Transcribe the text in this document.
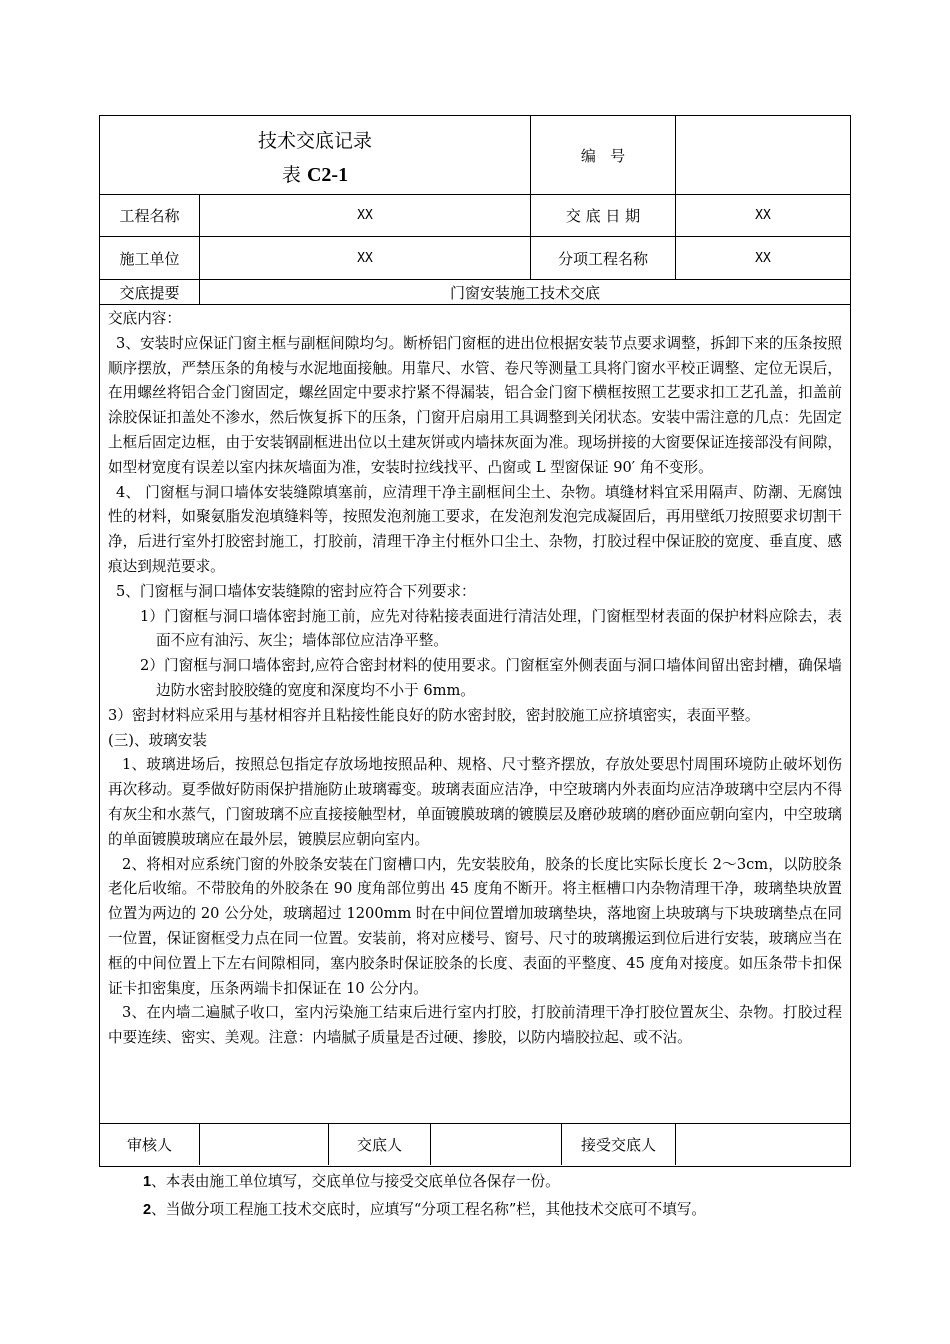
技术交底记录
表 C2-1
编   号
工程名称	XX	交 底 日 期	XX
施工单位	XX	分项工程名称	XX
交底提要	门窗安装施工技术交底

交底内容：

3、安装时应保证门窗主框与副框间隙均匀。断桥铝门窗框的进出位根据安装节点要求调整，拆卸下来的压条按照顺序摆放，严禁压条的角棱与水泥地面接触。用靠尺、水管、卷尺等测量工具将门窗水平校正调整、定位无误后，在用螺丝将铝合金门窗固定，螺丝固定中要求拧紧不得漏装，铝合金门窗下横框按照工艺要求扣工艺孔盖，扣盖前涂胶保证扣盖处不渗水，然后恢复拆下的压条，门窗开启扇用工具调整到关闭状态。安装中需注意的几点：先固定上框后固定边框，由于安装钢副框进出位以土建灰饼或内墙抹灰面为准。现场拼接的大窗要保证连接部没有间隙，如型材宽度有误差以室内抹灰墙面为准，安装时拉线找平、凸窗或 L 型窗保证 90′ 角不变形。

4、 门窗框与洞口墙体安装缝隙填塞前，应清理干净主副框间尘土、杂物。填缝材料宜采用隔声、防潮、无腐蚀性的材料，如聚氨脂发泡填缝料等，按照发泡剂施工要求，在发泡剂发泡完成凝固后，再用壁纸刀按照要求切割干净，后进行室外打胶密封施工，打胶前，清理干净主付框外口尘土、杂物，打胶过程中保证胶的宽度、垂直度、感痕达到规范要求。

5、门窗框与洞口墙体安装缝隙的密封应符合下列要求：

1）门窗框与洞口墙体密封施工前，应先对待粘接表面进行清洁处理，门窗框型材表面的保护材料应除去，表面不应有油污、灰尘；墙体部位应洁净平整。

2）门窗框与洞口墙体密封,应符合密封材料的使用要求。门窗框室外侧表面与洞口墙体间留出密封槽，确保墙边防水密封胶胶缝的宽度和深度均不小于 6mm。

3）密封材料应采用与基材相容并且粘接性能良好的防水密封胶，密封胶施工应挤填密实，表面平整。

(三)、玻璃安装

1、玻璃进场后，按照总包指定存放场地按照品种、规格、尺寸整齐摆放，存放处要思忖周围环境防止破坏划伤再次移动。夏季做好防雨保护措施防止玻璃霉变。玻璃表面应洁净，中空玻璃内外表面均应洁净玻璃中空层内不得有灰尘和水蒸气，门窗玻璃不应直接接触型材，单面镀膜玻璃的镀膜层及磨砂玻璃的磨砂面应朝向室内，中空玻璃的单面镀膜玻璃应在最外层，镀膜层应朝向室内。

2、将相对应系统门窗的外胶条安装在门窗槽口内，先安装胶角，胶条的长度比实际长度长 2～3cm，以防胶条老化后收缩。不带胶角的外胶条在 90 度角部位剪出 45 度角不断开。将主框槽口内杂物清理干净，玻璃垫块放置位置为两边的 20 公分处，玻璃超过 1200mm 时在中间位置增加玻璃垫块，落地窗上块玻璃与下块玻璃垫点在同一位置，保证窗框受力点在同一位置。安装前，将对应楼号、窗号、尺寸的玻璃搬运到位后进行安装，玻璃应当在框的中间位置上下左右间隙相同，塞内胶条时保证胶条的长度、表面的平整度、45 度角对接度。如压条带卡扣保证卡扣密集度，压条两端卡扣保证在 10 公分内。

3、在内墙二遍腻子收口，室内污染施工结束后进行室内打胶，打胶前清理干净打胶位置灰尘、杂物。打胶过程中要连续、密实、美观。注意：内墙腻子质量是否过硬、掺胶，以防内墙胶拉起、或不沾。

审核人	交底人	接受交底人
1、本表由施工单位填写，交底单位与接受交底单位各保存一份。
2、当做分项工程施工技术交底时，应填写“分项工程名称”栏，其他技术交底可不填写。
